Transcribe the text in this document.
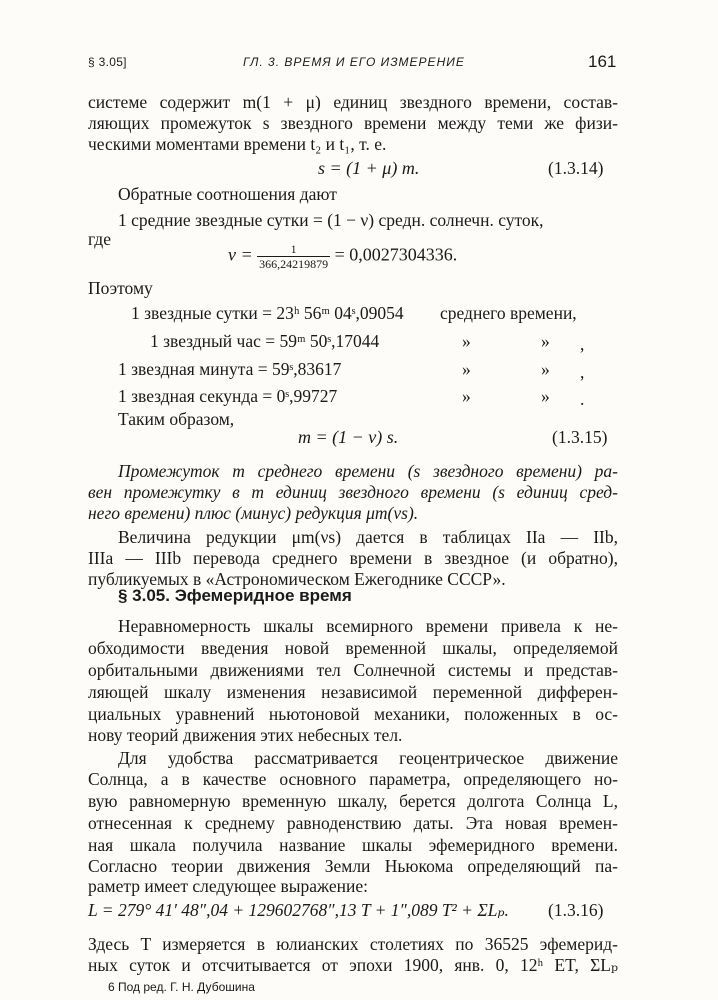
§ 3.05]	ГЛ. 3. ВРЕМЯ И ЕГО ИЗМЕРЕНИЕ	161
системе содержит m(1 + μ) единиц звездного времени, состав-
ляющих промежуток s звездного времени между теми же физи-
ческими моментами времени t₂ и t₁, т. е.
s = (1 + μ) m.	(1.3.14)
Обратные соотношения дают
1 средние звездные сутки = (1 − ν) средн. солнечн. суток,
где
$\nu = \frac{1}{366,24219879} = 0,0027304336$.
Поэтому
1 звездные сутки = 23ʰ 56ᵐ 04ˢ,09054 среднего времени,
1 звездный час = 59ᵐ 50ˢ,17044	»	» ,
1 звездная минута = 59ˢ,83617	»	» ,
1 звездная секунда = 0ˢ,99727	»	» .
Таким образом,
m = (1 − ν) s.	(1.3.15)
Промежуток m среднего времени (s звездного времени) ра-
вен промежутку в m единиц звездного времени (s единиц сред-
него времени) плюс (минус) редукция μm(νs).
Величина редукции μm(νs) дается в таблицах IIa — IIb,
IIIa — IIIb перевода среднего времени в звездное (и обратно),
публикуемых в «Астрономическом Ежегоднике СССР».
§ 3.05. Эфемеридное время
Неравномерность шкалы всемирного времени привела к не-
обходимости введения новой временной шкалы, определяемой
орбитальными движениями тел Солнечной системы и представ-
ляющей шкалу изменения независимой переменной дифферен-
циальных уравнений ньютоновой механики, положенных в ос-
нову теорий движения этих небесных тел.
Для удобства рассматривается геоцентрическое движение
Солнца, а в качестве основного параметра, определяющего но-
вую равномерную временную шкалу, берется долгота Солнца L,
отнесенная к среднему равноденствию даты. Эта новая времен-
ная шкала получила название шкалы эфемеридного времени.
Согласно теории движения Земли Ньюкома определяющий па-
раметр имеет следующее выражение:
L = 279° 41′ 48″,04 + 129602768″,13 T + 1″,089 T² + ΣLₚ. (1.3.16)
Здесь T измеряется в юлианских столетиях по 36525 эфемерид-
ных суток и отсчитывается от эпохи 1900, янв. 0, 12ʰ ET, ΣLₚ
6 Под ред. Г. Н. Дубошина
